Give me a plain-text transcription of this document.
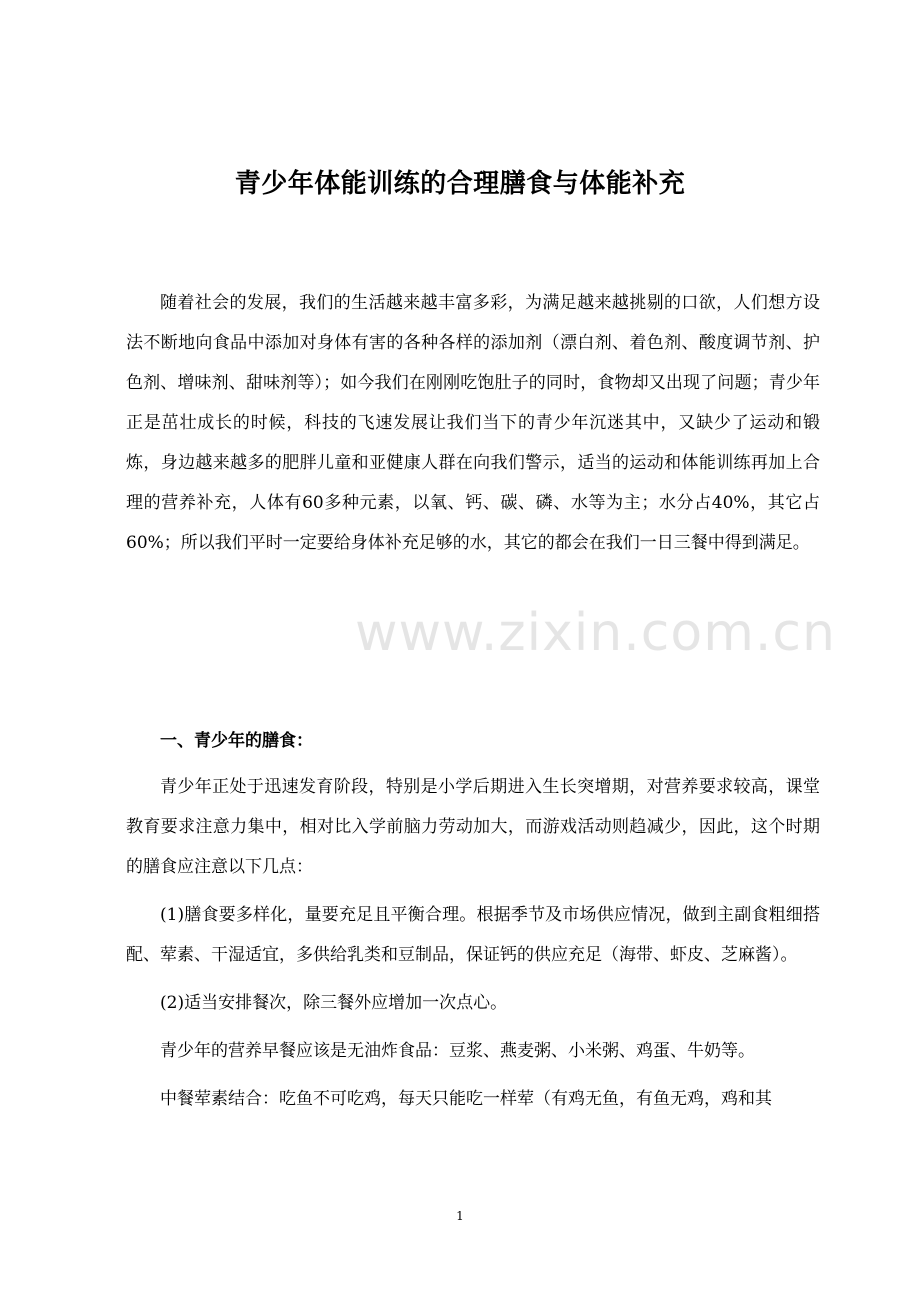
www.zixin.com.cn
青少年体能训练的合理膳食与体能补充

随着社会的发展，我们的生活越来越丰富多彩，为满足越来越挑剔的口欲，人们想方设法不断地向食品中添加对身体有害的各种各样的添加剂（漂白剂、着色剂、酸度调节剂、护色剂、增味剂、甜味剂等）；如今我们在刚刚吃饱肚子的同时，食物却又出现了问题；青少年正是茁壮成长的时候，科技的飞速发展让我们当下的青少年沉迷其中，又缺少了运动和锻炼，身边越来越多的肥胖儿童和亚健康人群在向我们警示，适当的运动和体能训练再加上合理的营养补充，人体有60多种元素，以氧、钙、碳、磷、水等为主；水分占40%，其它占60%；所以我们平时一定要给身体补充足够的水，其它的都会在我们一日三餐中得到满足。

一、青少年的膳食：

青少年正处于迅速发育阶段，特别是小学后期进入生长突增期，对营养要求较高，课堂教育要求注意力集中，相对比入学前脑力劳动加大，而游戏活动则趋减少，因此，这个时期的膳食应注意以下几点：

(1)膳食要多样化，量要充足且平衡合理。根据季节及市场供应情况，做到主副食粗细搭配、荤素、干湿适宜，多供给乳类和豆制品，保证钙的供应充足（海带、虾皮、芝麻酱）。

(2)适当安排餐次，除三餐外应增加一次点心。

青少年的营养早餐应该是无油炸食品：豆浆、燕麦粥、小米粥、鸡蛋、牛奶等。

中餐荤素结合：吃鱼不可吃鸡，每天只能吃一样荤（有鸡无鱼，有鱼无鸡，鸡和其

1
